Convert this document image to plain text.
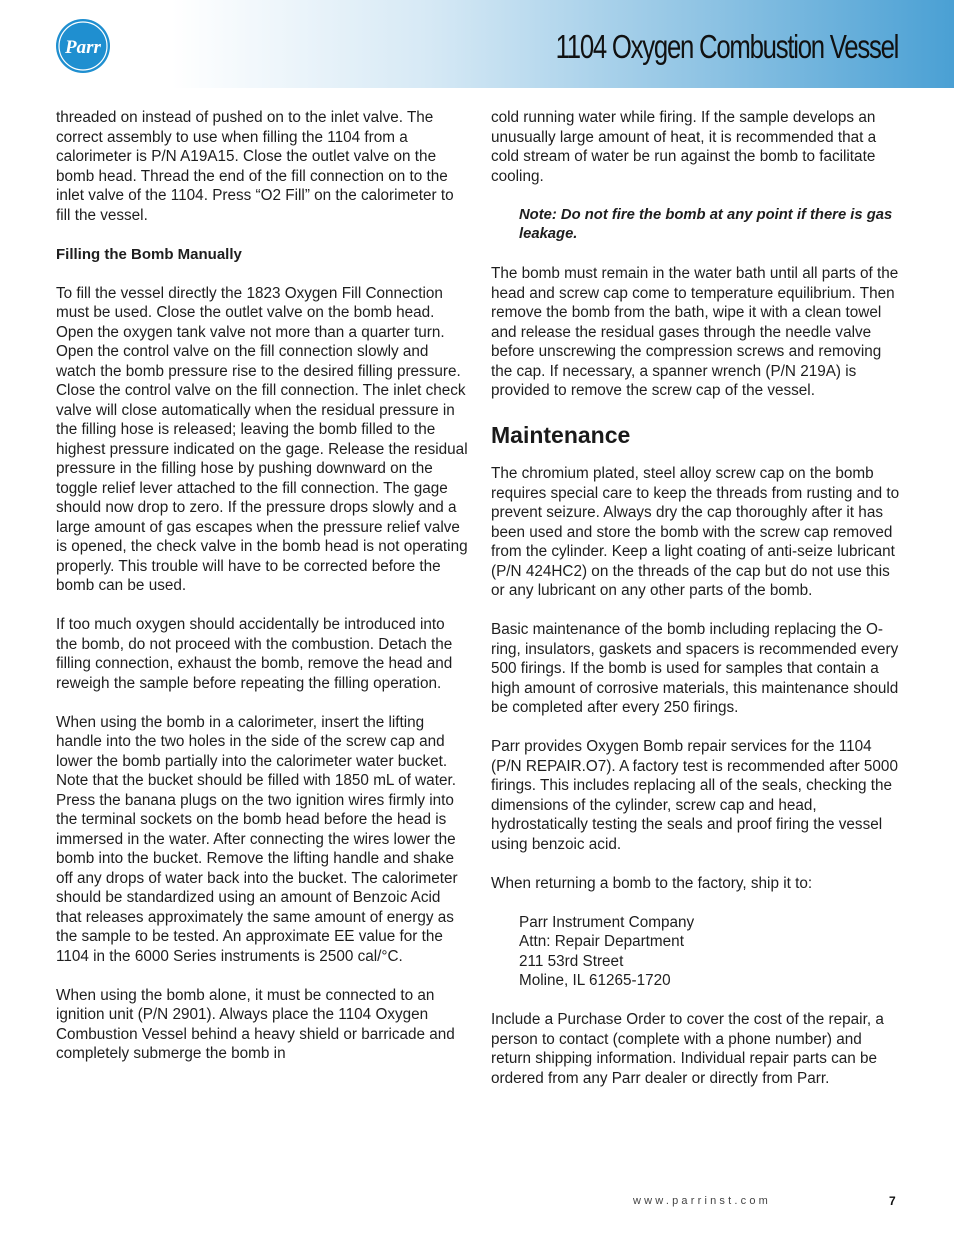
Parr	1104 Oxygen Combustion Vessel

threaded on instead of pushed on to the inlet valve. The correct assembly to use when filling the 1104 from a calorimeter is P/N A19A15. Close the outlet valve on the bomb head. Thread the end of the fill connection on to the inlet valve of the 1104. Press “O2 Fill” on the calorimeter to fill the vessel.

Filling the Bomb Manually

To fill the vessel directly the 1823 Oxygen Fill Connection must be used. Close the outlet valve on the bomb head. Open the oxygen tank valve not more than a quarter turn. Open the control valve on the fill connection slowly and watch the bomb pressure rise to the desired filling pressure. Close the control valve on the fill connection. The inlet check valve will close automatically when the residual pressure in the filling hose is released; leaving the bomb filled to the highest pressure indicated on the gage. Release the residual pressure in the filling hose by pushing downward on the toggle relief lever attached to the fill connection. The gage should now drop to zero. If the pressure drops slowly and a large amount of gas escapes when the pressure relief valve is opened, the check valve in the bomb head is not operating properly. This trouble will have to be corrected before the bomb can be used.

If too much oxygen should accidentally be introduced into the bomb, do not proceed with the combustion. Detach the filling connection, exhaust the bomb, remove the head and reweigh the sample before repeating the filling operation.

When using the bomb in a calorimeter, insert the lifting handle into the two holes in the side of the screw cap and lower the bomb partially into the calorimeter water bucket. Note that the bucket should be filled with 1850 mL of water. Press the banana plugs on the two ignition wires firmly into the terminal sockets on the bomb head before the head is immersed in the water. After connecting the wires lower the bomb into the bucket. Remove the lifting handle and shake off any drops of water back into the bucket. The calorimeter should be standardized using an amount of Benzoic Acid that releases approximately the same amount of energy as the sample to be tested. An approximate EE value for the 1104 in the 6000 Series instruments is 2500 cal/°C.

When using the bomb alone, it must be connected to an ignition unit (P/N 2901). Always place the 1104 Oxygen Combustion Vessel behind a heavy shield or barricade and completely submerge the bomb in

cold running water while firing. If the sample develops an unusually large amount of heat, it is recommended that a cold stream of water be run against the bomb to facilitate cooling.

Note: Do not fire the bomb at any point if there is gas leakage.

The bomb must remain in the water bath until all parts of the head and screw cap come to temperature equilibrium. Then remove the bomb from the bath, wipe it with a clean towel and release the residual gases through the needle valve before unscrewing the compression screws and removing the cap. If necessary, a spanner wrench (P/N 219A) is provided to remove the screw cap of the vessel.

Maintenance

The chromium plated, steel alloy screw cap on the bomb requires special care to keep the threads from rusting and to prevent seizure. Always dry the cap thoroughly after it has been used and store the bomb with the screw cap removed from the cylinder. Keep a light coating of anti-seize lubricant (P/N 424HC2) on the threads of the cap but do not use this or any lubricant on any other parts of the bomb.

Basic maintenance of the bomb including replacing the O-ring, insulators, gaskets and spacers is recommended every 500 firings. If the bomb is used for samples that contain a high amount of corrosive materials, this maintenance should be completed after every 250 firings.

Parr provides Oxygen Bomb repair services for the 1104 (P/N REPAIR.O7). A factory test is recommended after 5000 firings. This includes replacing all of the seals, checking the dimensions of the cylinder, screw cap and head, hydrostatically testing the seals and proof firing the vessel using benzoic acid.

When returning a bomb to the factory, ship it to:

Parr Instrument Company
Attn: Repair Department
211 53rd Street
Moline, IL 61265-1720

Include a Purchase Order to cover the cost of the repair, a person to contact (complete with a phone number) and return shipping information. Individual repair parts can be ordered from any Parr dealer or directly from Parr.

www.parrinst.com	7
